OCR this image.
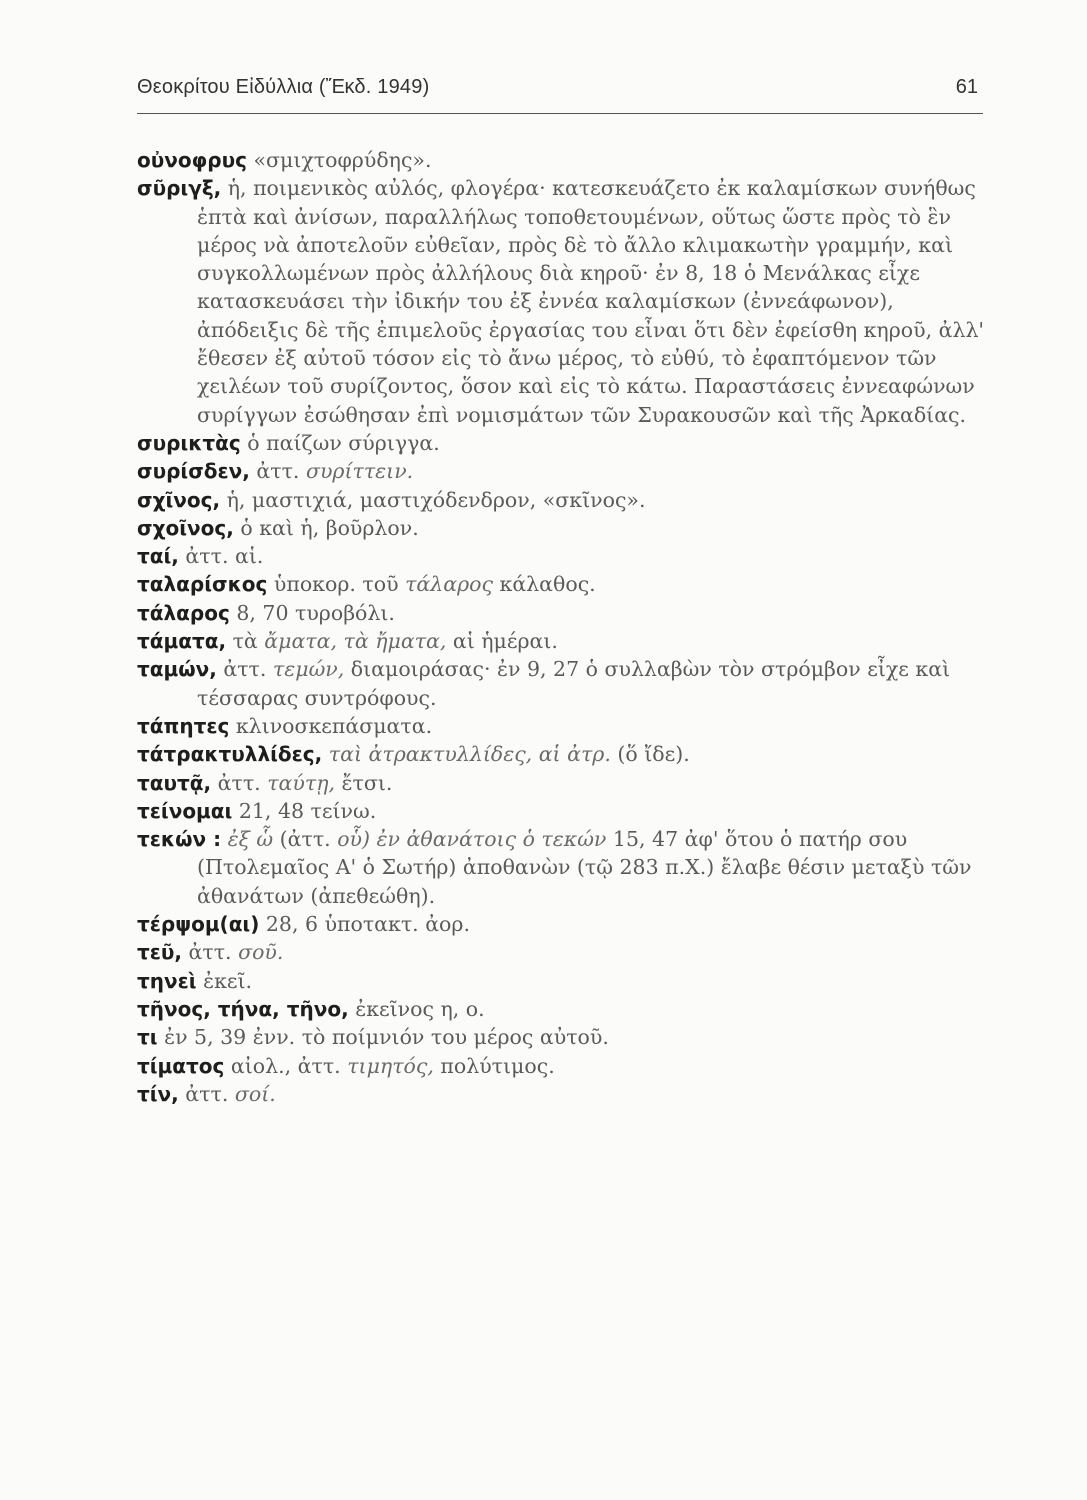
Θεοκρίτου Εἰδύλλια (Ἔκδ. 1949)	61
οὐνοφρυς «σμιχτοφρύδης».
σῦριγξ, ἡ, ποιμενικὸς αὐλός, φλογέρα· κατεσκευάζετο ἐκ καλαμίσκων συνήθως ἑπτὰ καὶ ἀνίσων, παραλλήλως τοποθετουμένων, οὕτως ὥστε πρὸς τὸ ἓν μέρος νὰ ἀποτελοῦν εὐθεῖαν, πρὸς δὲ τὸ ἄλλο κλιμακωτὴν γραμμήν, καὶ συγκολλωμένων πρὸς ἀλλήλους διὰ κηροῦ· ἐν 8, 18 ὁ Μενάλκας εἶχε κατασκευάσει τὴν ἰδικήν του ἐξ ἐννέα καλαμίσκων (ἐννεάφωνον), ἀπόδειξις δὲ τῆς ἐπιμελοῦς ἐργασίας του εἶναι ὅτι δὲν ἐφείσθη κηροῦ, ἀλλ' ἔθεσεν ἐξ αὐτοῦ τόσον εἰς τὸ ἄνω μέρος, τὸ εὐθύ, τὸ ἐφαπτόμενον τῶν χειλέων τοῦ συρίζοντος, ὅσον καὶ εἰς τὸ κάτω. Παραστάσεις ἐννεαφώνων συρίγγων ἐσώθησαν ἐπὶ νομισμάτων τῶν Συρακουσῶν καὶ τῆς Ἀρκαδίας.
συρικτὰς ὁ παίζων σύριγγα.
συρίσδεν, ἀττ. συρίττειν.
σχῖνος, ἡ, μαστιχιά, μαστιχόδενδρον, «σκῖνος».
σχοῖνος, ὁ καὶ ἡ, βοῦρλον.
ταί, ἀττ. αἱ.
ταλαρίσκος ὑποκορ. τοῦ τάλαρος κάλαθος.
τάλαρος 8, 70 τυροβόλι.
τάματα, τὰ ἄματα, τὰ ἤματα, αἱ ἡμέραι.
ταμών, ἀττ. τεμών, διαμοιράσας· ἐν 9, 27 ὁ συλλαβὼν τὸν στρόμβον εἶχε καὶ τέσσαρας συντρόφους.
τάπητες κλινοσκεπάσματα.
τάτρακτυλλίδες, ταὶ ἀτρακτυλλίδες, αἱ ἀτρ. (ὅ ἴδε).
ταυτᾷ, ἀττ. ταύτῃ, ἔτσι.
τείνομαι 21, 48 τείνω.
τεκών : ἐξ ὧ (ἀττ. οὗ) ἐν ἀθανάτοις ὁ τεκών 15, 47 ἀφ' ὅτου ὁ πατήρ σου (Πτολεμαῖος Α' ὁ Σωτήρ) ἀποθανὼν (τῷ 283 π.Χ.) ἔλαβε θέσιν μεταξὺ τῶν ἀθανάτων (ἀπεθεώθη).
τέρψομ(αι) 28, 6 ὑποτακτ. ἀορ.
τεῦ, ἀττ. σοῦ.
τηνεὶ ἐκεῖ.
τῆνος, τήνα, τῆνο, ἐκεῖνος η, ο.
τι ἐν 5, 39 ἐνν. τὸ ποίμνιόν του μέρος αὐτοῦ.
τίματος αἰολ., ἀττ. τιμητός, πολύτιμος.
τίν, ἀττ. σοί.
